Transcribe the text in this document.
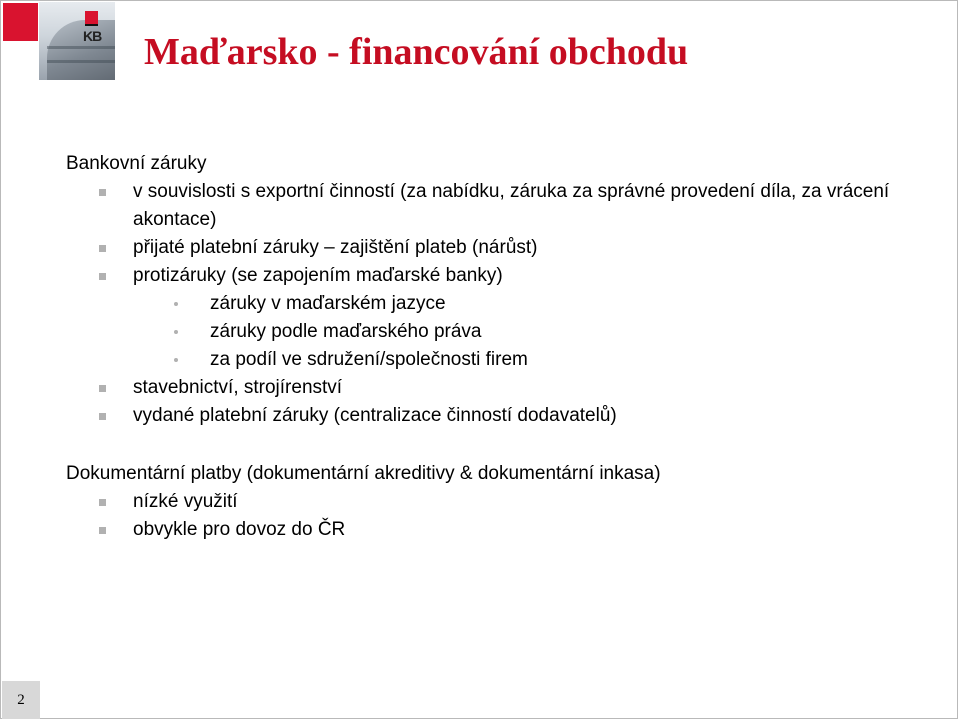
KB Maďarsko - financování obchodu

Bankovní záruky

v souvislosti s exportní činností (za nabídku, záruka za správné provedení díla, za vrácení akontace)

přijaté platební záruky – zajištění plateb (nárůst)

protizáruky (se zapojením maďarské banky)

záruky v maďarském jazyce

záruky podle maďarského práva

za podíl ve sdružení/společnosti firem

stavebnictví, strojírenství

vydané platební záruky (centralizace činností dodavatelů)

Dokumentární platby (dokumentární akreditivy & dokumentární inkasa)

nízké využití

obvykle pro dovoz do ČR

2
